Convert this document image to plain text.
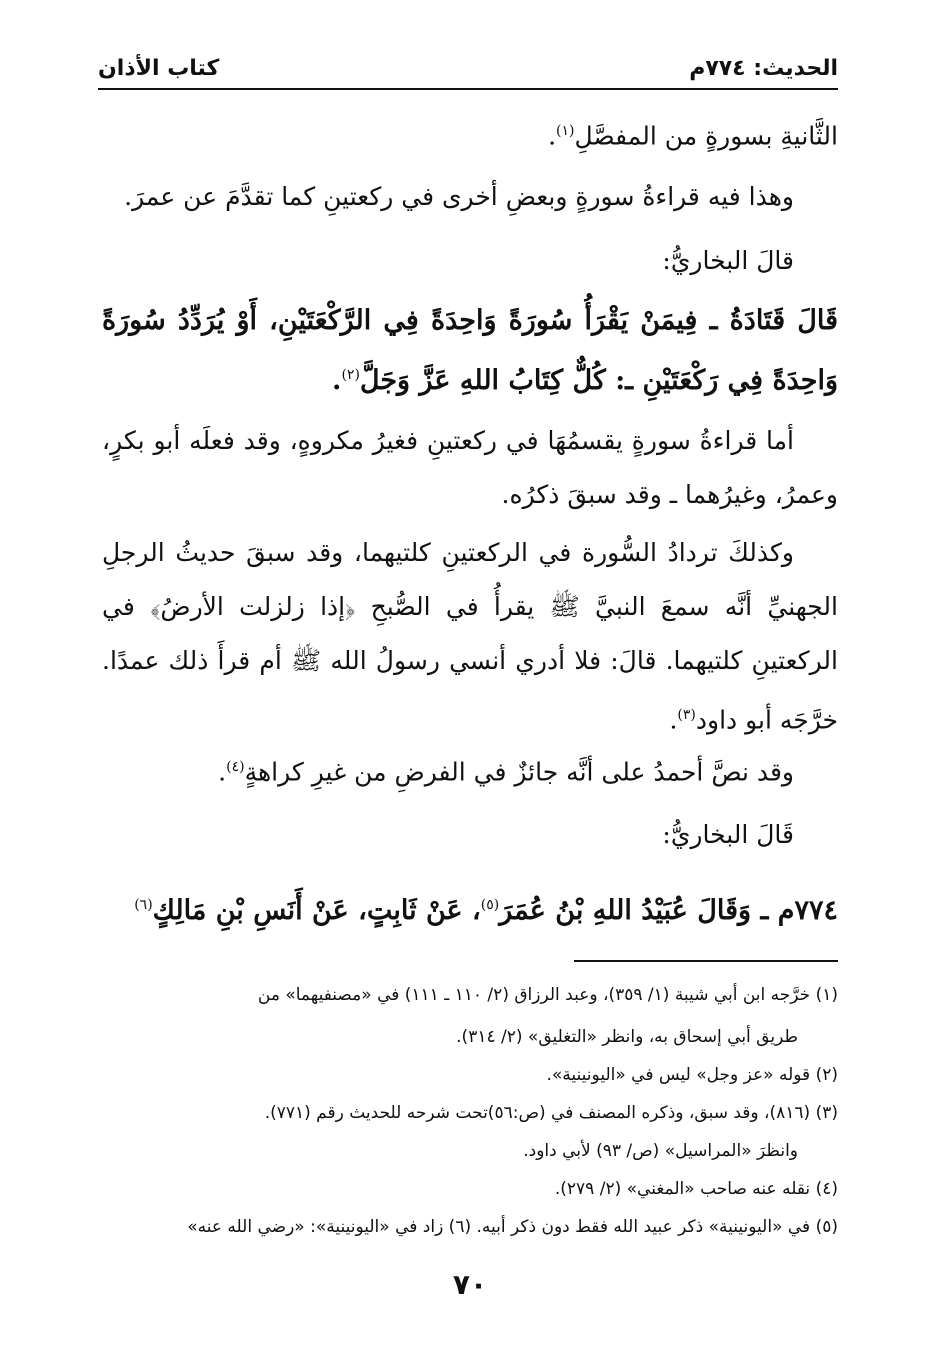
الحديث: ٧٧٤م
كتاب الأذان

الثَّانيةِ بسورةٍ من المفصَّلِ$^{(١)}$.

وهذا فيه قراءةُ سورةٍ وبعضِ أخرى في ركعتينِ كما تقدَّمَ عن عمرَ.

قالَ البخاريُّ:

قَالَ قَتَادَةُ ـ فِيمَنْ يَقْرَأُ سُورَةً وَاحِدَةً فِي الرَّكْعَتَيْنِ، أَوْ يُرَدِّدُ سُورَةً وَاحِدَةً فِي رَكْعَتَيْنِ ـ: كُلٌّ كِتَابُ اللهِ عَزَّ وَجَلَّ$^{(٢)}$.

أما قراءةُ سورةٍ يقسمُهَا في ركعتينِ فغيرُ مكروهٍ، وقد فعلَه أبو بكرٍ، وعمرُ، وغيرُهما ـ وقد سبقَ ذكرُه.

وكذلكَ تردادُ السُّورة في الركعتينِ كلتيهما، وقد سبقَ حديثُ الرجلِ الجهنيِّ أنَّه سمعَ النبيَّ ﷺ يقرأُ في الصُّبحِ ﴿إذا زلزلت الأرضُ﴾ في الركعتينِ كلتيهما. قالَ: فلا أدري أنسي رسولُ الله ﷺ أم قرأَ ذلك عمدًا. خرَّجَه أبو داود$^{(٣)}$.

وقد نصَّ أحمدُ على أنَّه جائزٌ في الفرضِ من غيرِ كراهةٍ$^{(٤)}$.

قَالَ البخاريُّ:

٧٧٤م ـ وَقَالَ عُبَيْدُ اللهِ بْنُ عُمَرَ$^{(٥)}$، عَنْ ثَابِتٍ، عَنْ أَنَسِ بْنِ مَالِكٍ$^{(٦)}$

(١) خرَّجه ابن أبي شيبة (١/ ٣٥٩)، وعبد الرزاق (٢/ ١١٠ ـ ١١١) في «مصنفيهما» من

طريق أبي إسحاق به، وانظر «التغليق» (٢/ ٣١٤).

(٢) قوله «عز وجل» ليس في «اليونينية».

(٣) (٨١٦)، وقد سبق، وذكره المصنف في (ص:٥٦)تحت شرحه للحديث رقم (٧٧١).

وانظرَ «المراسيل» (ص/ ٩٣) لأبي داود.

(٤) نقله عنه صاحب «المغني» (٢/ ٢٧٩).

(٥) في «اليونينية» ذكر عبيد الله فقط دون ذكر أبيه. (٦) زاد في «اليونينية»: «رضي الله عنه»

٧٠
